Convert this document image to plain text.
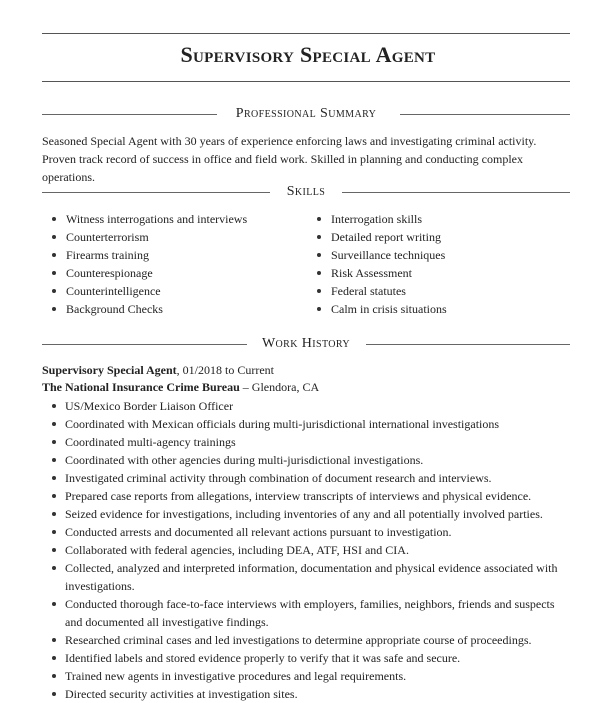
Supervisory Special Agent
Professional Summary
Seasoned Special Agent with 30 years of experience enforcing laws and investigating criminal activity. Proven track record of success in office and field work. Skilled in planning and conducting complex operations.
Skills
Witness interrogations and interviews
Counterterrorism
Firearms training
Counterespionage
Counterintelligence
Background Checks
Interrogation skills
Detailed report writing
Surveillance techniques
Risk Assessment
Federal statutes
Calm in crisis situations
Work History
Supervisory Special Agent, 01/2018 to Current
The National Insurance Crime Bureau – Glendora, CA
US/Mexico Border Liaison Officer
Coordinated with Mexican officials during multi-jurisdictional international investigations
Coordinated multi-agency trainings
Coordinated with other agencies during multi-jurisdictional investigations.
Investigated criminal activity through combination of document research and interviews.
Prepared case reports from allegations, interview transcripts of interviews and physical evidence.
Seized evidence for investigations, including inventories of any and all potentially involved parties.
Conducted arrests and documented all relevant actions pursuant to investigation.
Collaborated with federal agencies, including DEA, ATF, HSI and CIA.
Collected, analyzed and interpreted information, documentation and physical evidence associated with investigations.
Conducted thorough face-to-face interviews with employers, families, neighbors, friends and suspects and documented all investigative findings.
Researched criminal cases and led investigations to determine appropriate course of proceedings.
Identified labels and stored evidence properly to verify that it was safe and secure.
Trained new agents in investigative procedures and legal requirements.
Directed security activities at investigation sites.
